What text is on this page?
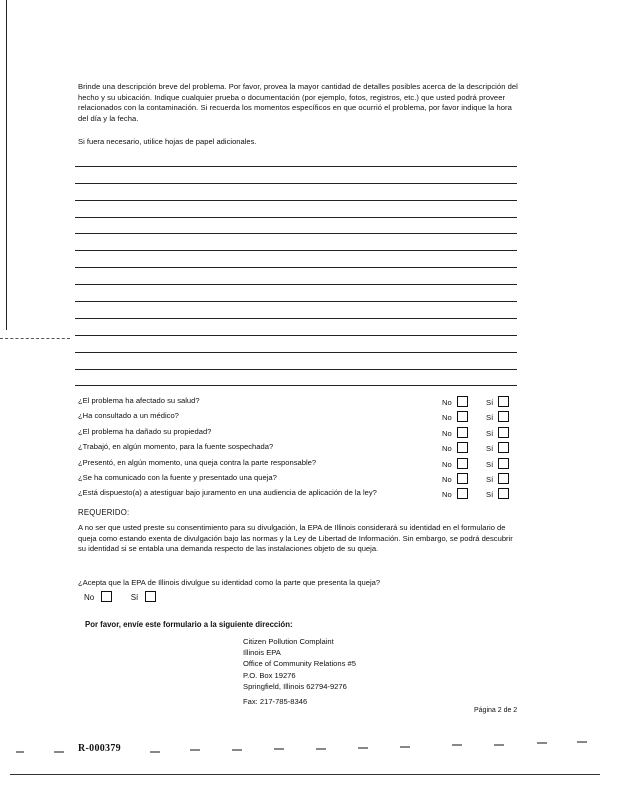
Brinde una descripción breve del problema. Por favor, provea la mayor cantidad de detalles posibles acerca de la descripción del hecho y su ubicación. Indique cualquier prueba o documentación (por ejemplo, fotos, registros, etc.) que usted podrá proveer relacionados con la contaminación. Si recuerda los momentos específicos en que ocurrió el problema, por favor indique la hora del día y la fecha.
Si fuera necesario, utilice hojas de papel adicionales.
¿El problema ha afectado su salud?	No	Sí
¿Ha consultado a un médico?	No	Sí
¿El problema ha dañado su propiedad?	No	Sí
¿Trabajó, en algún momento, para la fuente sospechada?	No	Sí
¿Presentó, en algún momento, una queja contra la parte responsable?	No	Sí
¿Se ha comunicado con la fuente y presentado una queja?	No	Sí
¿Está dispuesto(a) a atestiguar bajo juramento en una audiencia de aplicación de la ley?	No	Sí
REQUERIDO:
A no ser que usted preste su consentimiento para su divulgación, la EPA de Illinois considerará su identidad en el formulario de queja como estando exenta de divulgación bajo las normas y la Ley de Libertad de Información. Sin embargo, se podrá descubrir su identidad si se entabla una demanda respecto de las instalaciones objeto de su queja.
¿Acepta que la EPA de Illinois divulgue su identidad como la parte que presenta la queja?
No	Sí
Por favor, envíe este formulario a la siguiente dirección:
Citizen Pollution Complaint
Illinois EPA
Office of Community Relations #5
P.O. Box 19276
Springfield, Illinois 62794-9276
Fax: 217-785-8346
Página 2 de 2
R-000379
